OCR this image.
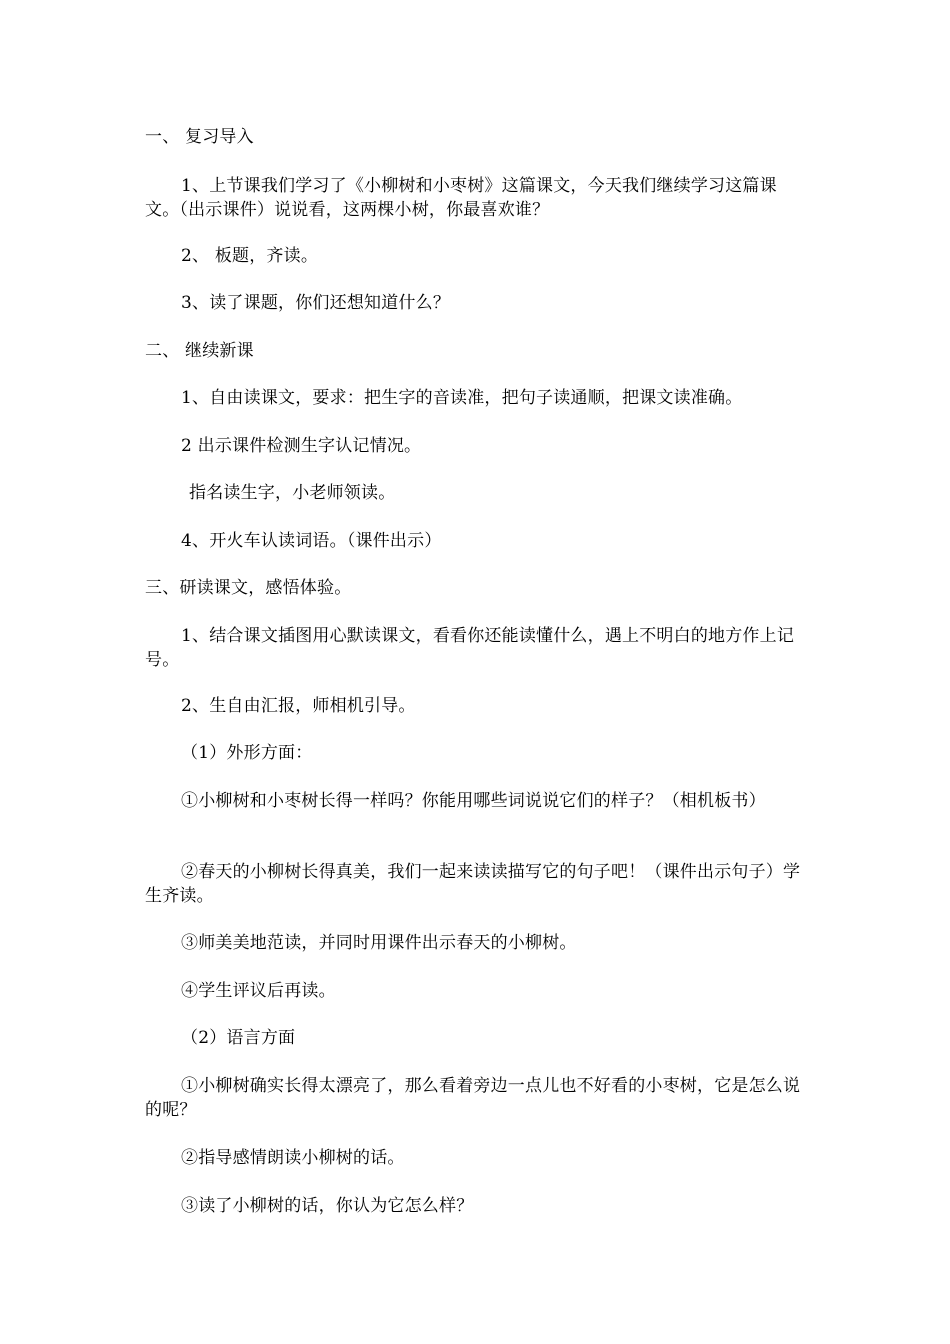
一、 复习导入

1、上节课我们学习了《小柳树和小枣树》这篇课文，今天我们继续学习这篇课文。（出示课件）说说看，这两棵小树，你最喜欢谁？

2、 板题，齐读。

3、读了课题，你们还想知道什么？

二、 继续新课

1、自由读课文，要求：把生字的音读准，把句子读通顺，把课文读准确。

2 出示课件检测生字认记情况。

指名读生字，小老师领读。

4、开火车认读词语。（课件出示）

三、研读课文，感悟体验。

1、结合课文插图用心默读课文，看看你还能读懂什么，遇上不明白的地方作上记号。

2、生自由汇报，师相机引导。

（1）外形方面：

①小柳树和小枣树长得一样吗？你能用哪些词说说它们的样子？（相机板书）

②春天的小柳树长得真美，我们一起来读读描写它的句子吧！（课件出示句子）学生齐读。

③师美美地范读，并同时用课件出示春天的小柳树。

④学生评议后再读。

（2）语言方面

①小柳树确实长得太漂亮了，那么看着旁边一点儿也不好看的小枣树，它是怎么说的呢？

②指导感情朗读小柳树的话。

③读了小柳树的话，你认为它怎么样？
